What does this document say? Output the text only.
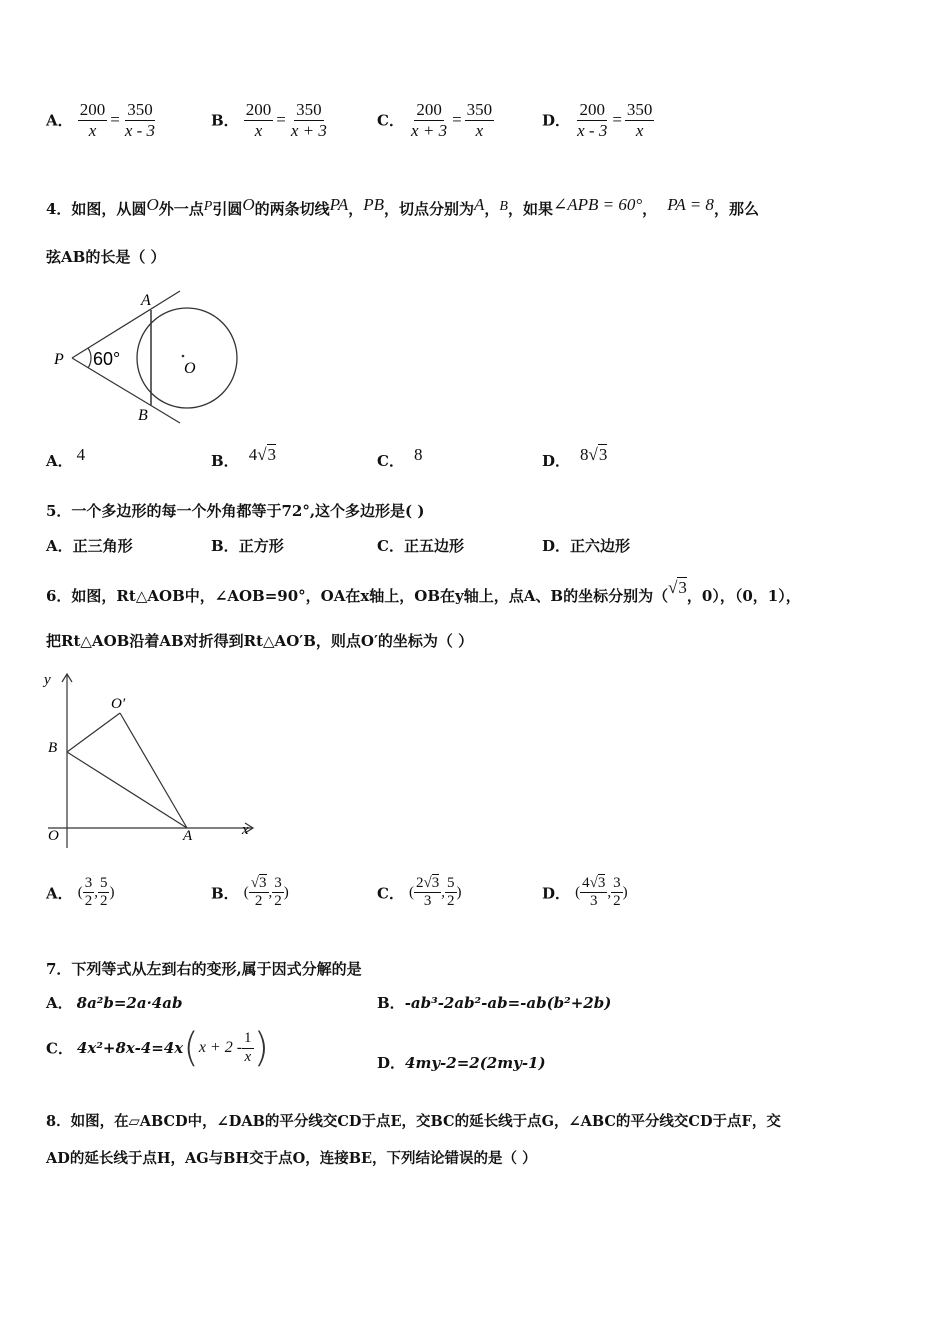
A． $\frac{200}{x} = \frac{350}{x - 3}$	B． $\frac{200}{x} = \frac{350}{x + 3}$	C． $\frac{200}{x + 3} = \frac{350}{x}$	D． $\frac{200}{x - 3} = \frac{350}{x}$
4．如图，从圆O外一点P引圆O的两条切线PA，PB，切点分别为A，B，如果∠APB = 60°， PA = 8，那么
弦AB的长是（ ）
A
B
P
O
60°
A． 4	B． 4√3	C． 8	D． 8√3
5．一个多边形的每一个外角都等于72°,这个多边形是( )
A．正三角形	B．正方形	C．正五边形	D．正六边形
6．如图，Rt△AOB中，∠AOB=90°，OA在x轴上，OB在y轴上，点A、B的坐标分别为（√3，0），（0，1），
把Rt△AOB沿着AB对折得到Rt△AO′B，则点O′的坐标为（ ）
y
x
O	A
B
O′
A． ( $\frac{3}{2}$ , $\frac{5}{2}$ )	B． ( $\frac{√3}{2}$ , $\frac{3}{2}$ )	C． ( $\frac{2√3}{3}$ , $\frac{5}{2}$ )	D． ( $\frac{4√3}{3}$ , $\frac{3}{2}$ )
7．下列等式从左到右的变形,属于因式分解的是
A． 8a²b=2a·4ab	B．-ab³-2ab²-ab=-ab(b²+2b)
C． $4x^2+8x-4=4x(x + 2 - \frac{1}{x}$ )	D．4my-2=2(2my-1)
8．如图，在▱ABCD中，∠DAB的平分线交CD于点E，交BC的延长线于点G，∠ABC的平分线交CD于点F，交
AD的延长线于点H，AG与BH交于点O，连接BE，下列结论错误的是（ ）
